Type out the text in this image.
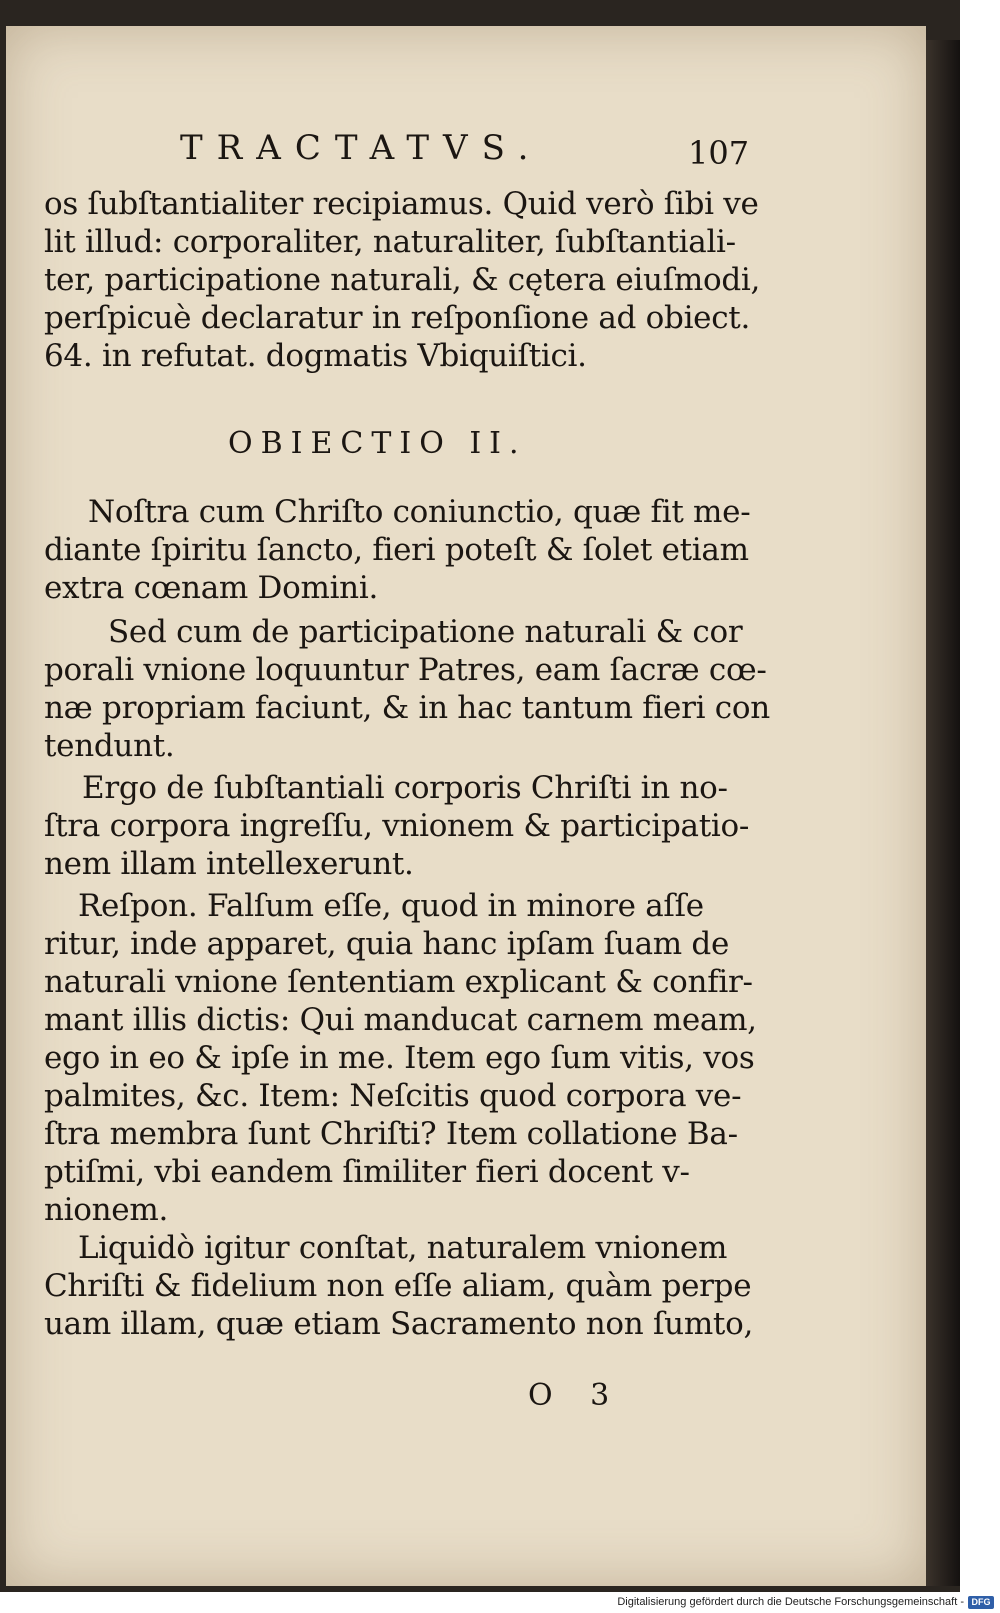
TRACTATVS.	107
os ſubſtantialiter recipiamus. Quid verò ſibi ve
lit illud: corporaliter, naturaliter, ſubſtantiali-
ter, participatione naturali, & cętera eiuſmodi,
perſpicuè declaratur in reſponſione ad obiect.
64. in refutat. dogmatis Vbiquiſtici.
OBIECTIO II.
Noſtra cum Chriſto coniunctio, quæ fit me-
diante ſpiritu ſancto, fieri poteſt & ſolet etiam
extra cœnam Domini.
Sed cum de participatione naturali & cor
porali vnione loquuntur Patres, eam ſacræ cœ-
næ propriam faciunt, & in hac tantum fieri con
tendunt.
Ergo de ſubſtantiali corporis Chriſti in no-
ſtra corpora ingreſſu, vnionem & participatio-
nem illam intellexerunt.
Reſpon. Falſum eſſe, quod in minore aſſe
ritur, inde apparet, quia hanc ipſam ſuam de
naturali vnione ſententiam explicant & confir-
mant illis dictis: Qui manducat carnem meam,
ego in eo & ipſe in me. Item ego ſum vitis, vos
palmites, &c. Item: Neſcitis quod corpora ve-
ſtra membra ſunt Chriſti? Item collatione Ba-
ptiſmi, vbi eandem ſimiliter fieri docent v-
nionem.
Liquidò igitur conſtat, naturalem vnionem
Chriſti & fidelium non eſſe aliam, quàm perpe
uam illam, quæ etiam Sacramento non ſumto,
O 3
Digitalisierung gefördert durch die Deutsche Forschungsgemeinschaft - DFG
